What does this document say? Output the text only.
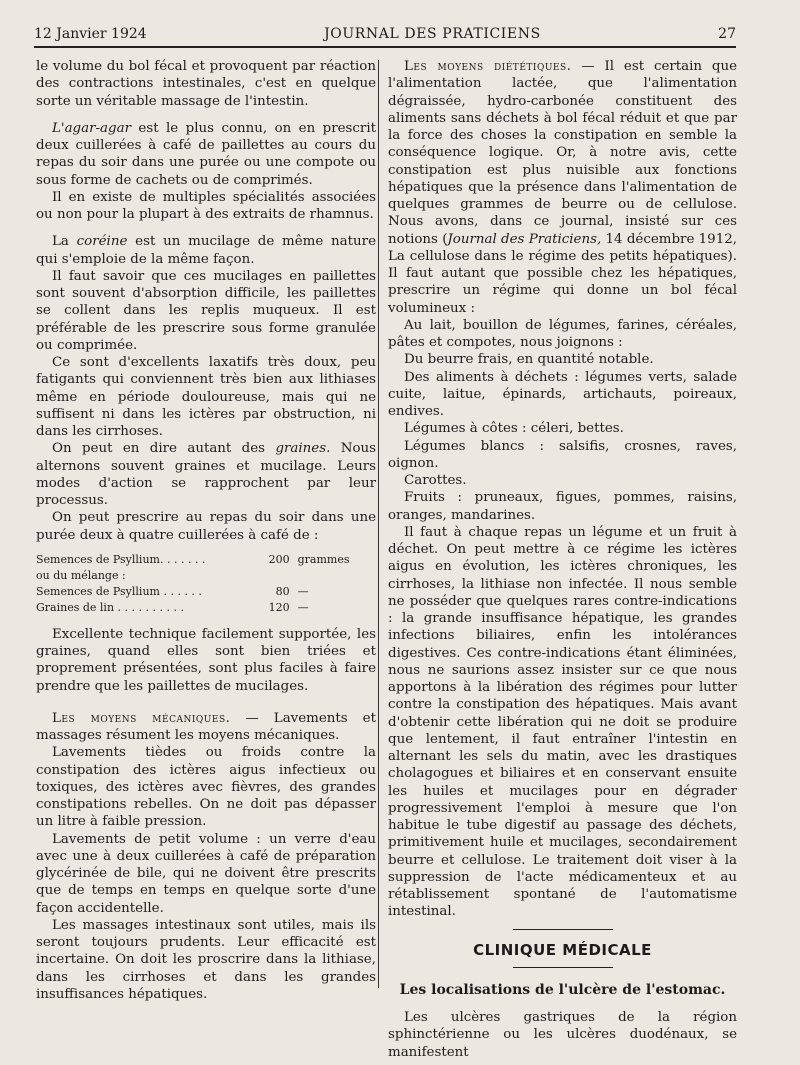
12 Janvier 1924	JOURNAL DES PRATICIENS	27

le volume du bol fécal et provoquent par réaction des contractions intestinales, c'est en quelque sorte un véritable massage de l'intestin.

L'agar-agar est le plus connu, on en prescrit deux cuillerées à café de paillettes au cours du repas du soir dans une purée ou une compote ou sous forme de cachets ou de comprimés.

Il en existe de multiples spécialités associées ou non pour la plupart à des extraits de rhamnus.

La coréine est un mucilage de même nature qui s'emploie de la même façon.

Il faut savoir que ces mucilages en paillettes sont souvent d'absorption difficile, les paillettes se collent dans les replis muqueux. Il est préférable de les prescrire sous forme granulée ou comprimée.

Ce sont d'excellents laxatifs très doux, peu fatigants qui conviennent très bien aux lithiases même en période douloureuse, mais qui ne suffisent ni dans les ictères par obstruction, ni dans les cirrhoses.

On peut en dire autant des graines. Nous alternons souvent graines et mucilage. Leurs modes d'action se rapprochent par leur processus.

On peut prescrire au repas du soir dans une purée deux à quatre cuillerées à café de :

Semences de Psyllium. . . . . . .	200	grammes
ou du mélange :		
Semences de Psyllium . . . . . .	80	—
Graines de lin . . . . . . . . . .	120	—

Excellente technique facilement supportée, les graines, quand elles sont bien triées et proprement présentées, sont plus faciles à faire prendre que les paillettes de mucilages.

Les moyens mécaniques. — Lavements et massages résument les moyens mécaniques.

Lavements tièdes ou froids contre la constipation des ictères aigus infectieux ou toxiques, des ictères avec fièvres, des grandes constipations rebelles. On ne doit pas dépasser un litre à faible pression.

Lavements de petit volume : un verre d'eau avec une à deux cuillerées à café de préparation glycérinée de bile, qui ne doivent être prescrits que de temps en temps en quelque sorte d'une façon accidentelle.

Les massages intestinaux sont utiles, mais ils seront toujours prudents. Leur efficacité est incertaine. On doit les proscrire dans la lithiase, dans les cirrhoses et dans les grandes insuffisances hépatiques.

Les moyens diététiques. — Il est certain que l'alimentation lactée, que l'alimentation dégraissée, hydro-carbonée constituent des aliments sans déchets à bol fécal réduit et que par la force des choses la constipation en semble la conséquence logique. Or, à notre avis, cette constipation est plus nuisible aux fonctions hépatiques que la présence dans l'alimentation de quelques grammes de beurre ou de cellulose. Nous avons, dans ce journal, insisté sur ces notions (Journal des Praticiens, 14 décembre 1912, La cellulose dans le régime des petits hépatiques). Il faut autant que possible chez les hépatiques, prescrire un régime qui donne un bol fécal volumineux :

Au lait, bouillon de légumes, farines, céréales, pâtes et compotes, nous joignons :

Du beurre frais, en quantité notable.

Des aliments à déchets : légumes verts, salade cuite, laitue, épinards, artichauts, poireaux, endives.

Légumes à côtes : céleri, bettes.

Légumes blancs : salsifis, crosnes, raves, oignon.

Carottes.

Fruits : pruneaux, figues, pommes, raisins, oranges, mandarines.

Il faut à chaque repas un légume et un fruit à déchet. On peut mettre à ce régime les ictères aigus en évolution, les ictères chroniques, les cirrhoses, la lithiase non infectée. Il nous semble ne posséder que quelques rares contre-indications : la grande insuffisance hépatique, les grandes infections biliaires, enfin les intolérances digestives. Ces contre-indications étant éliminées, nous ne saurions assez insister sur ce que nous apportons à la libération des régimes pour lutter contre la constipation des hépatiques. Mais avant d'obtenir cette libération qui ne doit se produire que lentement, il faut entraîner l'intestin en alternant les sels du matin, avec les drastiques cholagogues et biliaires et en conservant ensuite les huiles et mucilages pour en dégrader progressivement l'emploi à mesure que l'on habitue le tube digestif au passage des déchets, primitivement huile et mucilages, secondairement beurre et cellulose. Le traitement doit viser à la suppression de l'acte médicamenteux et au rétablissement spontané de l'automatisme intestinal.

CLINIQUE MÉDICALE
Les localisations de l'ulcère de l'estomac.

Les ulcères gastriques de la région sphinctérienne ou les ulcères duodénaux, se manifestent
